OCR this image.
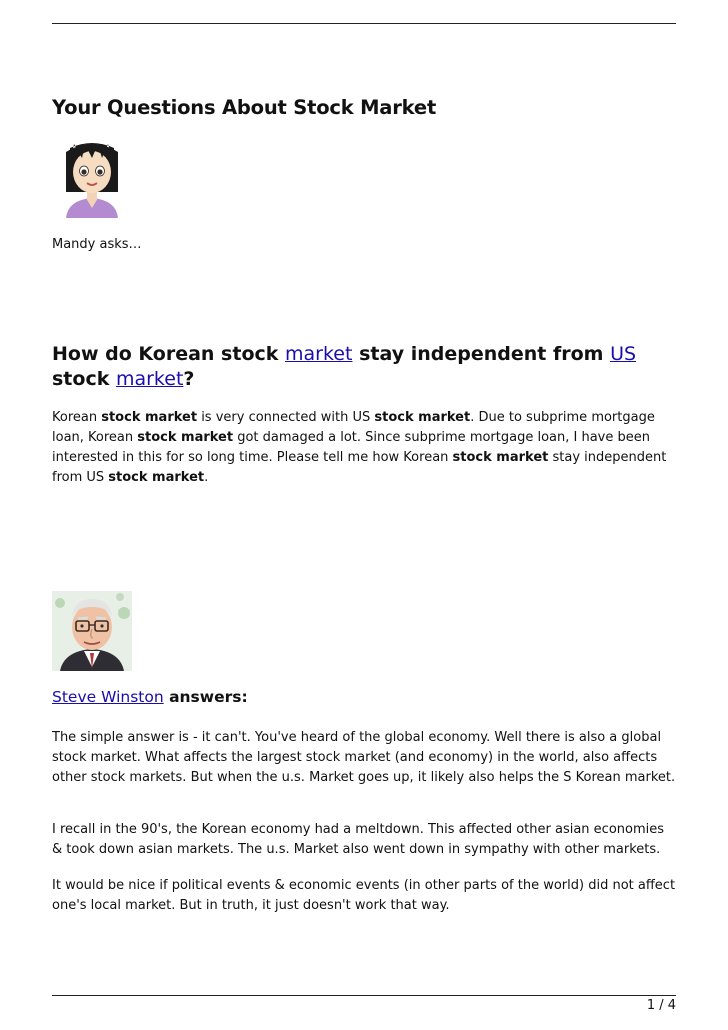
Your Questions About Stock Market

Mandy asks…

How do Korean stock market stay independent from US stock market?

Korean stock market is very connected with US stock market. Due to subprime mortgage loan, Korean stock market got damaged a lot. Since subprime mortgage loan, I have been interested in this for so long time. Please tell me how Korean stock market stay independent from US stock market.

Steve Winston answers:

The simple answer is - it can't. You've heard of the global economy. Well there is also a global stock market. What affects the largest stock market (and economy) in the world, also affects other stock markets. But when the u.s. Market goes up, it likely also helps the S Korean market.

I recall in the 90's, the Korean economy had a meltdown. This affected other asian economies & took down asian markets. The u.s. Market also went down in sympathy with other markets.

It would be nice if political events & economic events (in other parts of the world) did not affect one's local market. But in truth, it just doesn't work that way.

1 / 4
